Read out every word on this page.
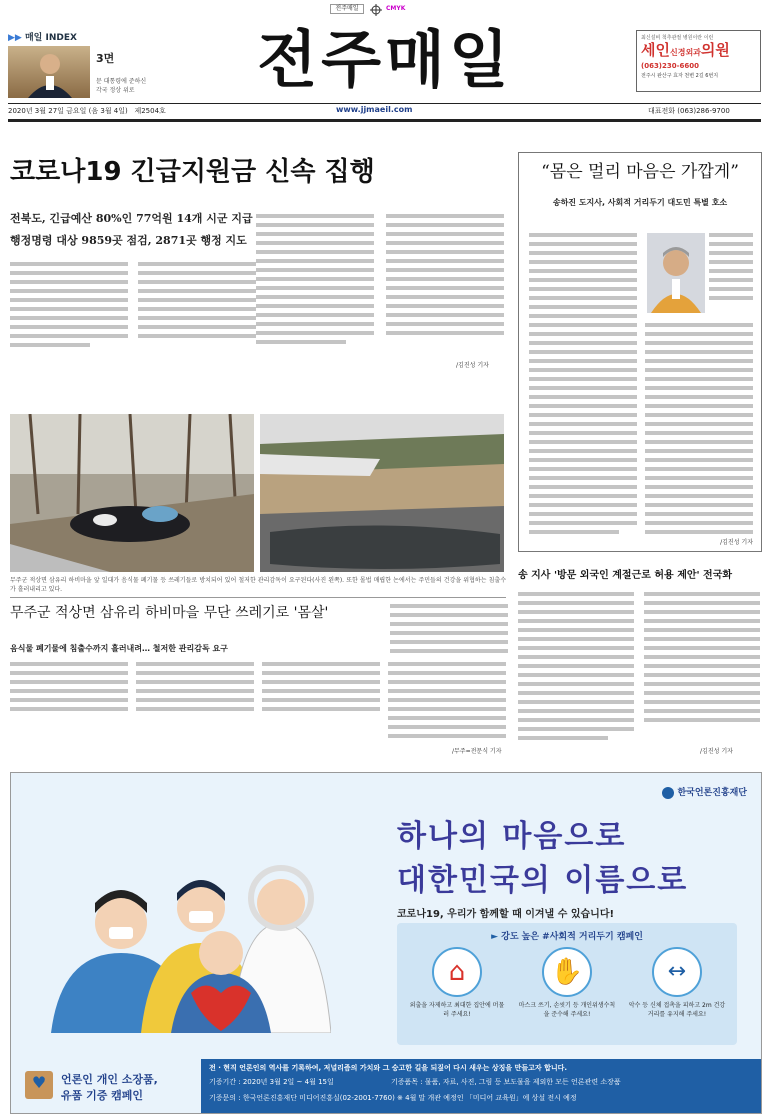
전주매일	CMYK
▶▶ 매일 INDEX
3면
문 대통령에 준하신
각국 정상 위로 전주매일	최신설비 척추관절 병원이란 이런
세인신경외과의원
(063)230-6600
전주시 완산구 효자 천변 2길 6번지
2020년 3월 27일 금요일 (음 3월 4일) 제2504호	www.jjmaeil.com	대표전화 (063)286-9700
코로나19 긴급지원금 신속 집행
전북도, 긴급예산 80%인 77억원 14개 시군 지급
행정명령 대상 9859곳 점검, 2871곳 행정 지도
/김진성 기자
무주군 적상면 삼유리 하비마을 앞 일대가 음식물 폐기물 등 쓰레기들로 방치되어 있어 철저한 관리감독이 요구된다(사진 왼쪽). 또한 몰법 매립한 논에서는 주민들의 건강을 위협하는 침출수가 흘러내리고 있다.
무주군 적상면 삼유리 하비마을 무단 쓰레기로 '몸살'
음식물 폐기물에 침출수까지 흘러내려… 철저한 관리감독 요구
/무주=전문식 기자
“몸은 멀리 마음은 가깝게”
송하진 도지사, 사회적 거리두기 대도민 특별 호소
/김진성 기자
송 지사 '방문 외국인 계절근로 허용 제안' 전국화
/김진성 기자
한국언론진흥재단
하나의 마음으로
대한민국의 이름으로
코로나19, 우리가 함께할 때 이겨낼 수 있습니다!
► 강도 높은 #사회적 거리두기 캠페인
⌂
외출을 자제하고 최대한 집안에 머물러 주세요!
✋
마스크 쓰기, 손씻기 등 개인위생수칙을 준수해 주세요!
↔
악수 등 신체 접촉을 피하고 2m 건강거리를 유지해 주세요!
♥	언론인 개인 소장품,
유품 기증 캠페인
전 · 현직 언론인의 역사를 기록하여, 저널리즘의 가치와 그 숭고한 길을 되짚어 다시 새우는 상징을 만들고자 합니다.
기증기간 : 2020년 3월 2일 ~ 4월 15일	기증품목 : 물품, 자료, 사진, 그림 등 보도물을 제외한 모든 언론관련 소장품
기증문의 : 한국언론진흥재단 미디어진흥실(02-2001-7760) ※ 4월 말 개관 예정인 「미디어 교육원」에 상설 전시 예정
